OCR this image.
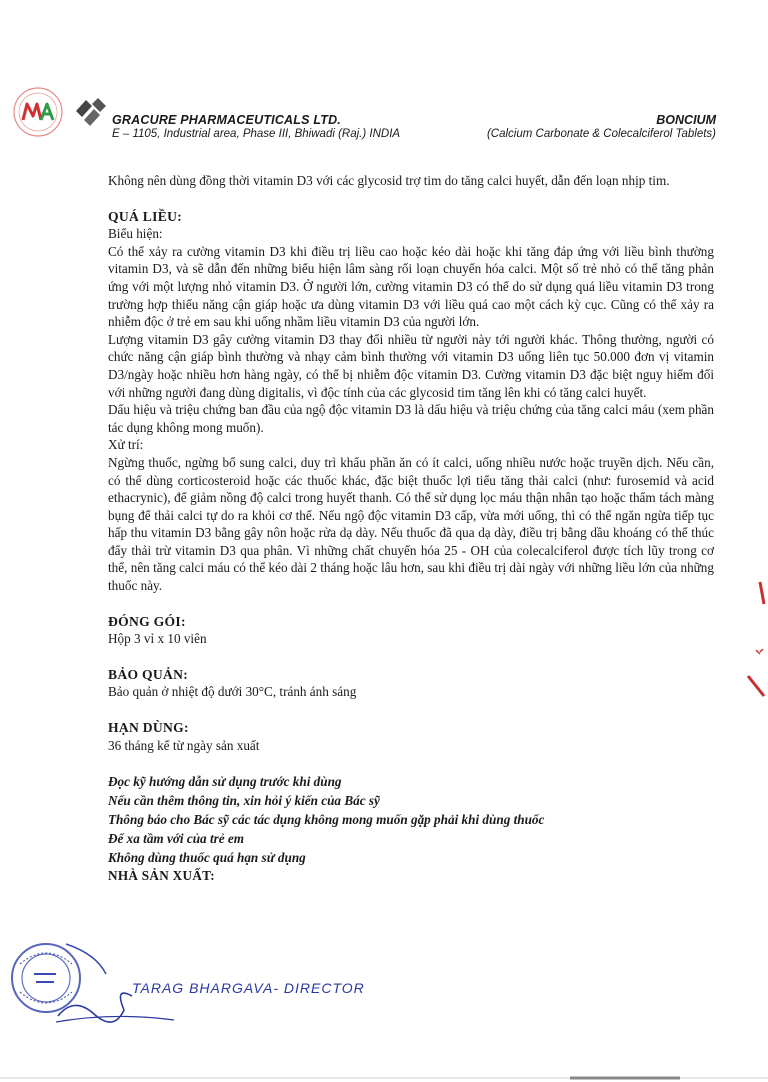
GRACURE PHARMACEUTICALS LTD.
E – 1105, Industrial area, Phase III, Bhiwadi (Raj.) INDIA
BONCIUM
(Calcium Carbonate & Colecalciferol Tablets)

Không nên dùng đồng thời vitamin D3 với các glycosid trợ tim do tăng calci huyết, dẫn đến loạn nhịp tim.

QUÁ LIỀU:

Biểu hiện:

Có thể xảy ra cường vitamin D3 khi điều trị liều cao hoặc kéo dài hoặc khi tăng đáp ứng với liều bình thường vitamin D3, và sẽ dẫn đến những biểu hiện lâm sàng rối loạn chuyển hóa calci. Một số trẻ nhỏ có thể tăng phản ứng với một lượng nhỏ vitamin D3. Ở người lớn, cường vitamin D3 có thể do sử dụng quá liều vitamin D3 trong trường hợp thiểu năng cận giáp hoặc ưa dùng vitamin D3 với liều quá cao một cách kỳ cục. Cũng có thể xảy ra nhiễm độc ở trẻ em sau khi uống nhầm liều vitamin D3 của người lớn.

Lượng vitamin D3 gây cường vitamin D3 thay đổi nhiều từ người này tới người khác. Thông thường, người có chức năng cận giáp bình thường và nhạy cảm bình thường với vitamin D3 uống liên tục 50.000 đơn vị vitamin D3/ngày hoặc nhiều hơn hàng ngày, có thể bị nhiễm độc vitamin D3. Cường vitamin D3 đặc biệt nguy hiểm đối với những người đang dùng digitalis, vì độc tính của các glycosid tim tăng lên khi có tăng calci huyết.

Dấu hiệu và triệu chứng ban đầu của ngộ độc vitamin D3 là dấu hiệu và triệu chứng của tăng calci máu (xem phần tác dụng không mong muốn).

Xử trí:

Ngừng thuốc, ngừng bổ sung calci, duy trì khẩu phần ăn có ít calci, uống nhiều nước hoặc truyền dịch. Nếu cần, có thể dùng corticosteroid hoặc các thuốc khác, đặc biệt thuốc lợi tiểu tăng thải calci (như: furosemid và acid ethacrynic), để giảm nồng độ calci trong huyết thanh. Có thể sử dụng lọc máu thận nhân tạo hoặc thẩm tách màng bụng để thải calci tự do ra khỏi cơ thể. Nếu ngộ độc vitamin D3 cấp, vừa mới uống, thì có thể ngăn ngừa tiếp tục hấp thu vitamin D3 bằng gây nôn hoặc rửa dạ dày. Nếu thuốc đã qua dạ dày, điều trị bằng dầu khoáng có thể thúc đẩy thải trừ vitamin D3 qua phân. Vì những chất chuyển hóa 25 - OH của colecalciferol được tích lũy trong cơ thể, nên tăng calci máu có thể kéo dài 2 tháng hoặc lâu hơn, sau khi điều trị dài ngày với những liều lớn của những thuốc này.

ĐÓNG GÓI:

Hộp 3 vỉ x 10 viên

BẢO QUẢN:

Bảo quản ở nhiệt độ dưới 30°C, tránh ánh sáng

HẠN DÙNG:

36 tháng kể từ ngày sản xuất

Đọc kỹ hướng dẫn sử dụng trước khi dùng

Nếu cần thêm thông tin, xin hỏi ý kiến của Bác sỹ

Thông báo cho Bác sỹ các tác dụng không mong muốn gặp phải khi dùng thuốc

Để xa tầm với của trẻ em

Không dùng thuốc quá hạn sử dụng

NHÀ SẢN XUẤT:

TARAG BHARGAVA- DIRECTOR
